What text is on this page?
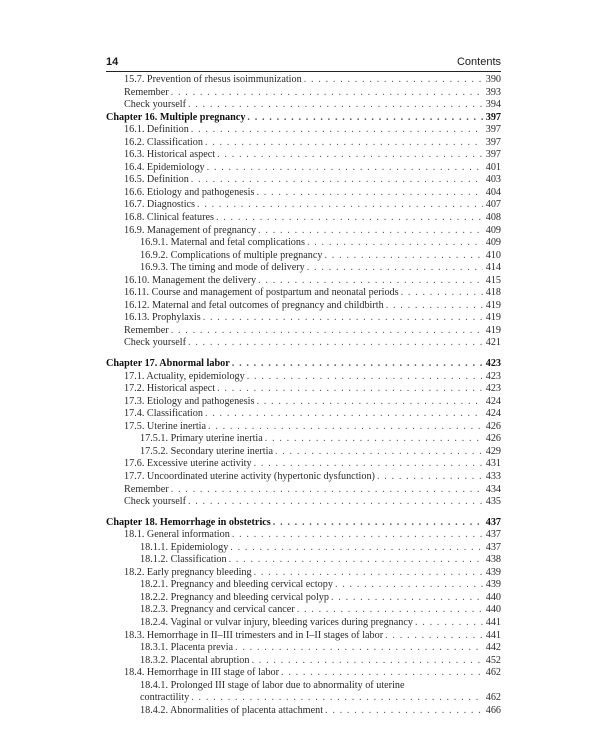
14	Contents
15.7. Prevention of rhesus isoimmunization . . .	390
Remember . . .	393
Check yourself . . .	394
Chapter 16. Multiple pregnancy . . .	397
16.1. Definition . . .	397
16.2. Classification . . .	397
16.3. Historical aspect . . .	397
16.4. Epidemiology . . .	401
16.5. Definition . . .	403
16.6. Etiology and pathogenesis . . .	404
16.7. Diagnostics . . .	407
16.8. Clinical features . . .	408
16.9. Management of pregnancy . . .	409
16.9.1. Maternal and fetal complications . . .	409
16.9.2. Complications of multiple pregnancy . . .	410
16.9.3. The timing and mode of delivery . . .	414
16.10. Management the delivery . . .	415
16.11. Course and management of postpartum and neonatal periods . . .	418
16.12. Maternal and fetal outcomes of pregnancy and childbirth . . .	419
16.13. Prophylaxis . . .	419
Remember . . .	419
Check yourself . . .	421
Chapter 17. Abnormal labor . . .	423
17.1. Actuality, epidemiology . . .	423
17.2. Historical aspect . . .	423
17.3. Etiology and pathogenesis . . .	424
17.4. Classification . . .	424
17.5. Uterine inertia . . .	426
17.5.1. Primary uterine inertia . . .	426
17.5.2. Secondary uterine inertia . . .	429
17.6. Excessive uterine activity . . .	431
17.7. Uncoordinated uterine activity (hypertonic dysfunction) . . .	433
Remember . . .	434
Check yourself . . .	435
Chapter 18. Hemorrhage in obstetrics . . .	437
18.1. General information . . .	437
18.1.1. Epidemiology . . .	437
18.1.2. Classification . . .	438
18.2. Early pregnancy bleeding . . .	439
18.2.1. Pregnancy and bleeding cervical ectopy . . .	439
18.2.2. Pregnancy and bleeding cervical polyp . . .	440
18.2.3. Pregnancy and cervical cancer . . .	440
18.2.4. Vaginal or vulvar injury, bleeding varices during pregnancy . . .	441
18.3. Hemorrhage in II–III trimesters and in I–II stages of labor . . .	441
18.3.1. Placenta previa . . .	442
18.3.2. Placental abruption . . .	452
18.4. Hemorrhage in III stage of labor . . .	462
18.4.1. Prolonged III stage of labor due to abnormality of uterine
contractility . . .	462
18.4.2. Abnormalities of placenta attachment . . .	466
